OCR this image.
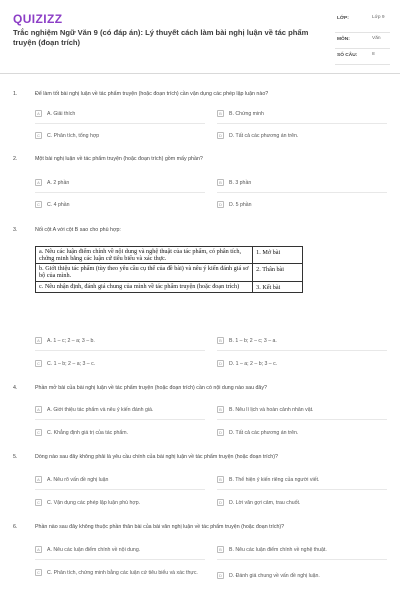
QUIZIZZ
Trắc nghiệm Ngữ Văn 9 (có đáp án): Lý thuyết cách làm bài nghị luận về tác phẩm truyện (đoạn trích)
LỚP:	Lớp 9
MÔN:	Văn
SỐ CÂU:	8
1.	Để làm tốt bài nghị luận về tác phẩm truyện (hoặc đoạn trích) cần vận dụng các phép lập luận nào?
A	A. Giải thích	B	B. Chứng minh
C	C. Phân tích, tổng hợp	D	D. Tất cả các phương án trên.
2.	Một bài nghị luận về tác phẩm truyện (hoặc đoạn trích) gồm mấy phần?
A	A. 2 phần	B	B. 3 phần
C	C. 4 phần	D	D. 5 phần
3.	Nối cột A với cột B sao cho phù hợp:
a. Nêu các luận điểm chính về nội dung và nghệ thuật của tác phẩm, có phân tích, chứng minh bằng các luận cứ tiêu biểu và xác thực.	1. Mở bài
b. Giới thiệu tác phẩm (tùy theo yêu cầu cụ thể của đề bài) và nêu ý kiến đánh giá sơ bộ của mình.	2. Thân bài
c. Nêu nhận định, đánh giá chung của mình về tác phẩm truyện (hoặc đoạn trích)	3. Kết bài
A	A. 1 – c; 2 – a; 3 – b.	B	B. 1 – b; 2 – c; 3 – a.
C	C. 1 – b; 2 – a; 3 – c.	D	D. 1 – a; 2 – b; 3 – c.
4.	Phần mở bài của bài nghị luận về tác phẩm truyện (hoặc đoạn trích) cần có nội dung nào sau đây?
A	A. Giới thiệu tác phẩm và nêu ý kiến đánh giá.	B	B. Nêu lí lịch và hoàn cảnh nhân vật.
C	C. Khẳng định giá trị của tác phẩm.	D	D. Tất cả các phương án trên.
5.	Dòng nào sau đây không phải là yêu cầu chính của bài nghị luận về tác phẩm truyện (hoặc đoạn trích)?
A	A. Nêu rõ vấn đề nghị luận	B	B. Thể hiện ý kiến riêng của người viết.
C	C. Vận dụng các phép lập luận phù hợp.	D	D. Lời văn gợi cảm, trau chuốt.
6.	Phần nào sau đây không thuộc phần thân bài của bài văn nghị luận về tác phẩm truyện (hoặc đoạn trích)?
A	A. Nêu các luận điểm chính về nội dung.	B	B. Nêu các luận điểm chính về nghệ thuật.
C	C. Phân tích, chứng minh bằng các luận cứ tiêu biểu và xác thực.	D	D. Đánh giá chung về vấn đề nghị luận.
